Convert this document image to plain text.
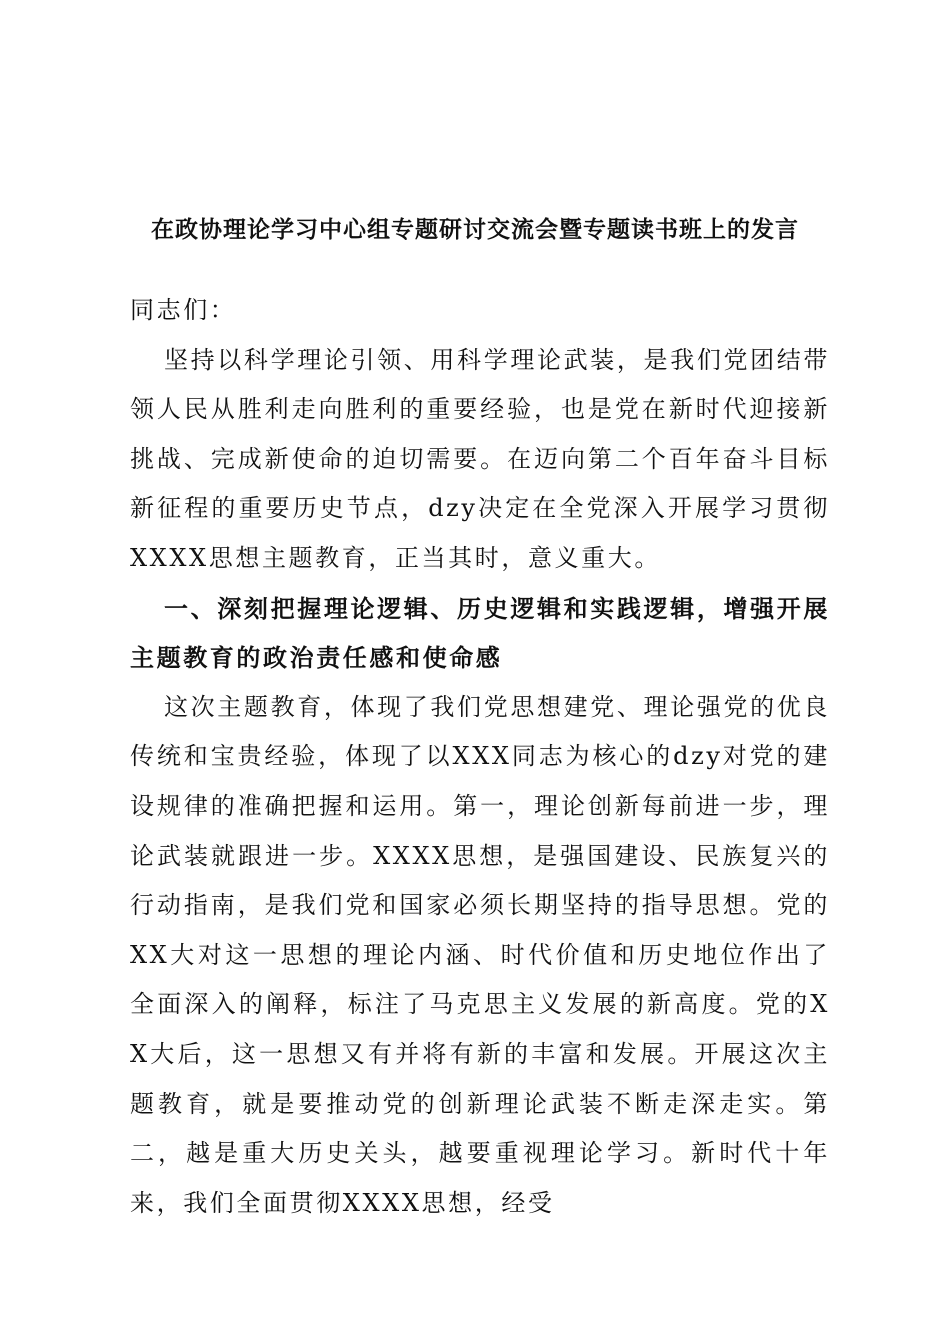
在政协理论学习中心组专题研讨交流会暨专题读书班上的发言

同志们：

坚持以科学理论引领、用科学理论武装，是我们党团结带领人民从胜利走向胜利的重要经验，也是党在新时代迎接新挑战、完成新使命的迫切需要。在迈向第二个百年奋斗目标新征程的重要历史节点，dzy决定在全党深入开展学习贯彻XXXX思想主题教育，正当其时，意义重大。

一、深刻把握理论逻辑、历史逻辑和实践逻辑，增强开展主题教育的政治责任感和使命感

这次主题教育，体现了我们党思想建党、理论强党的优良传统和宝贵经验，体现了以XXX同志为核心的dzy对党的建设规律的准确把握和运用。第一，理论创新每前进一步，理论武装就跟进一步。XXXX思想，是强国建设、民族复兴的行动指南，是我们党和国家必须长期坚持的指导思想。党的XX大对这一思想的理论内涵、时代价值和历史地位作出了全面深入的阐释，标注了马克思主义发展的新高度。党的XX大后，这一思想又有并将有新的丰富和发展。开展这次主题教育，就是要推动党的创新理论武装不断走深走实。第二，越是重大历史关头，越要重视理论学习。新时代十年来，我们全面贯彻XXXX思想，经受
